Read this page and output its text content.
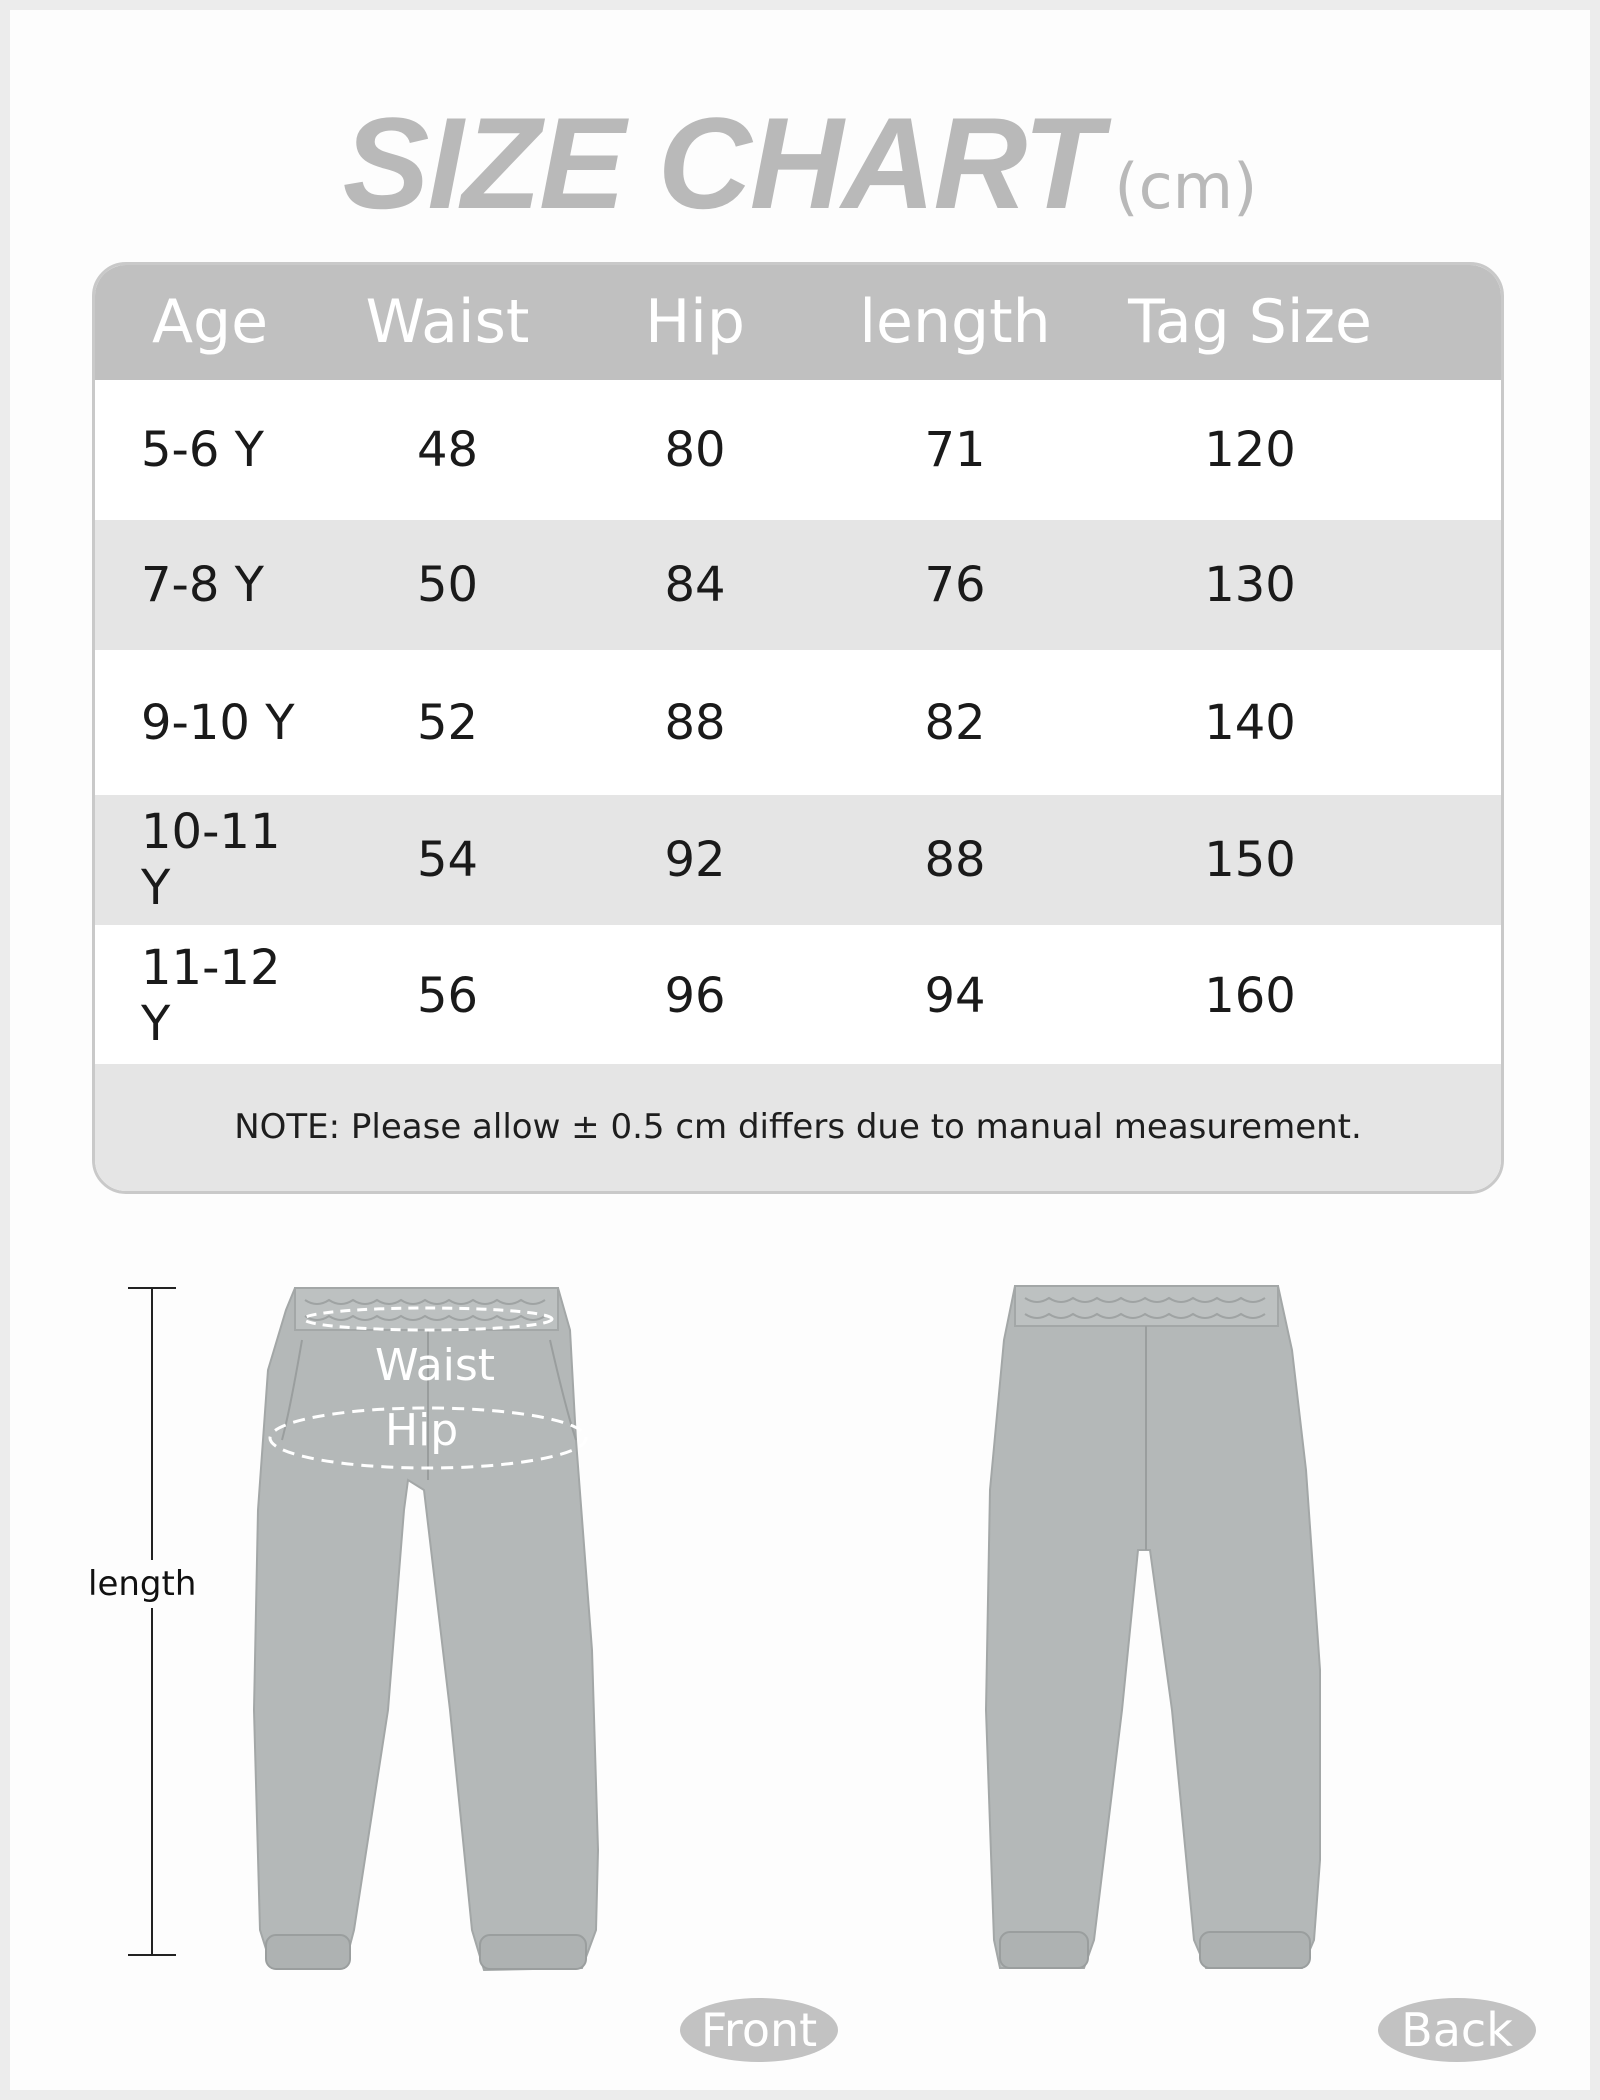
SIZE CHART (cm)
Age	Waist	Hip	length	Tag Size
5-6 Y	48	80	71	120
7-8 Y	50	84	76	130
9-10 Y	52	88	82	140
10-11 Y	54	92	88	150
11-12 Y	56	96	94	160
NOTE: Please allow ± 0.5 cm differs due to manual measurement.
Waist
Hip
length
Front	Back
